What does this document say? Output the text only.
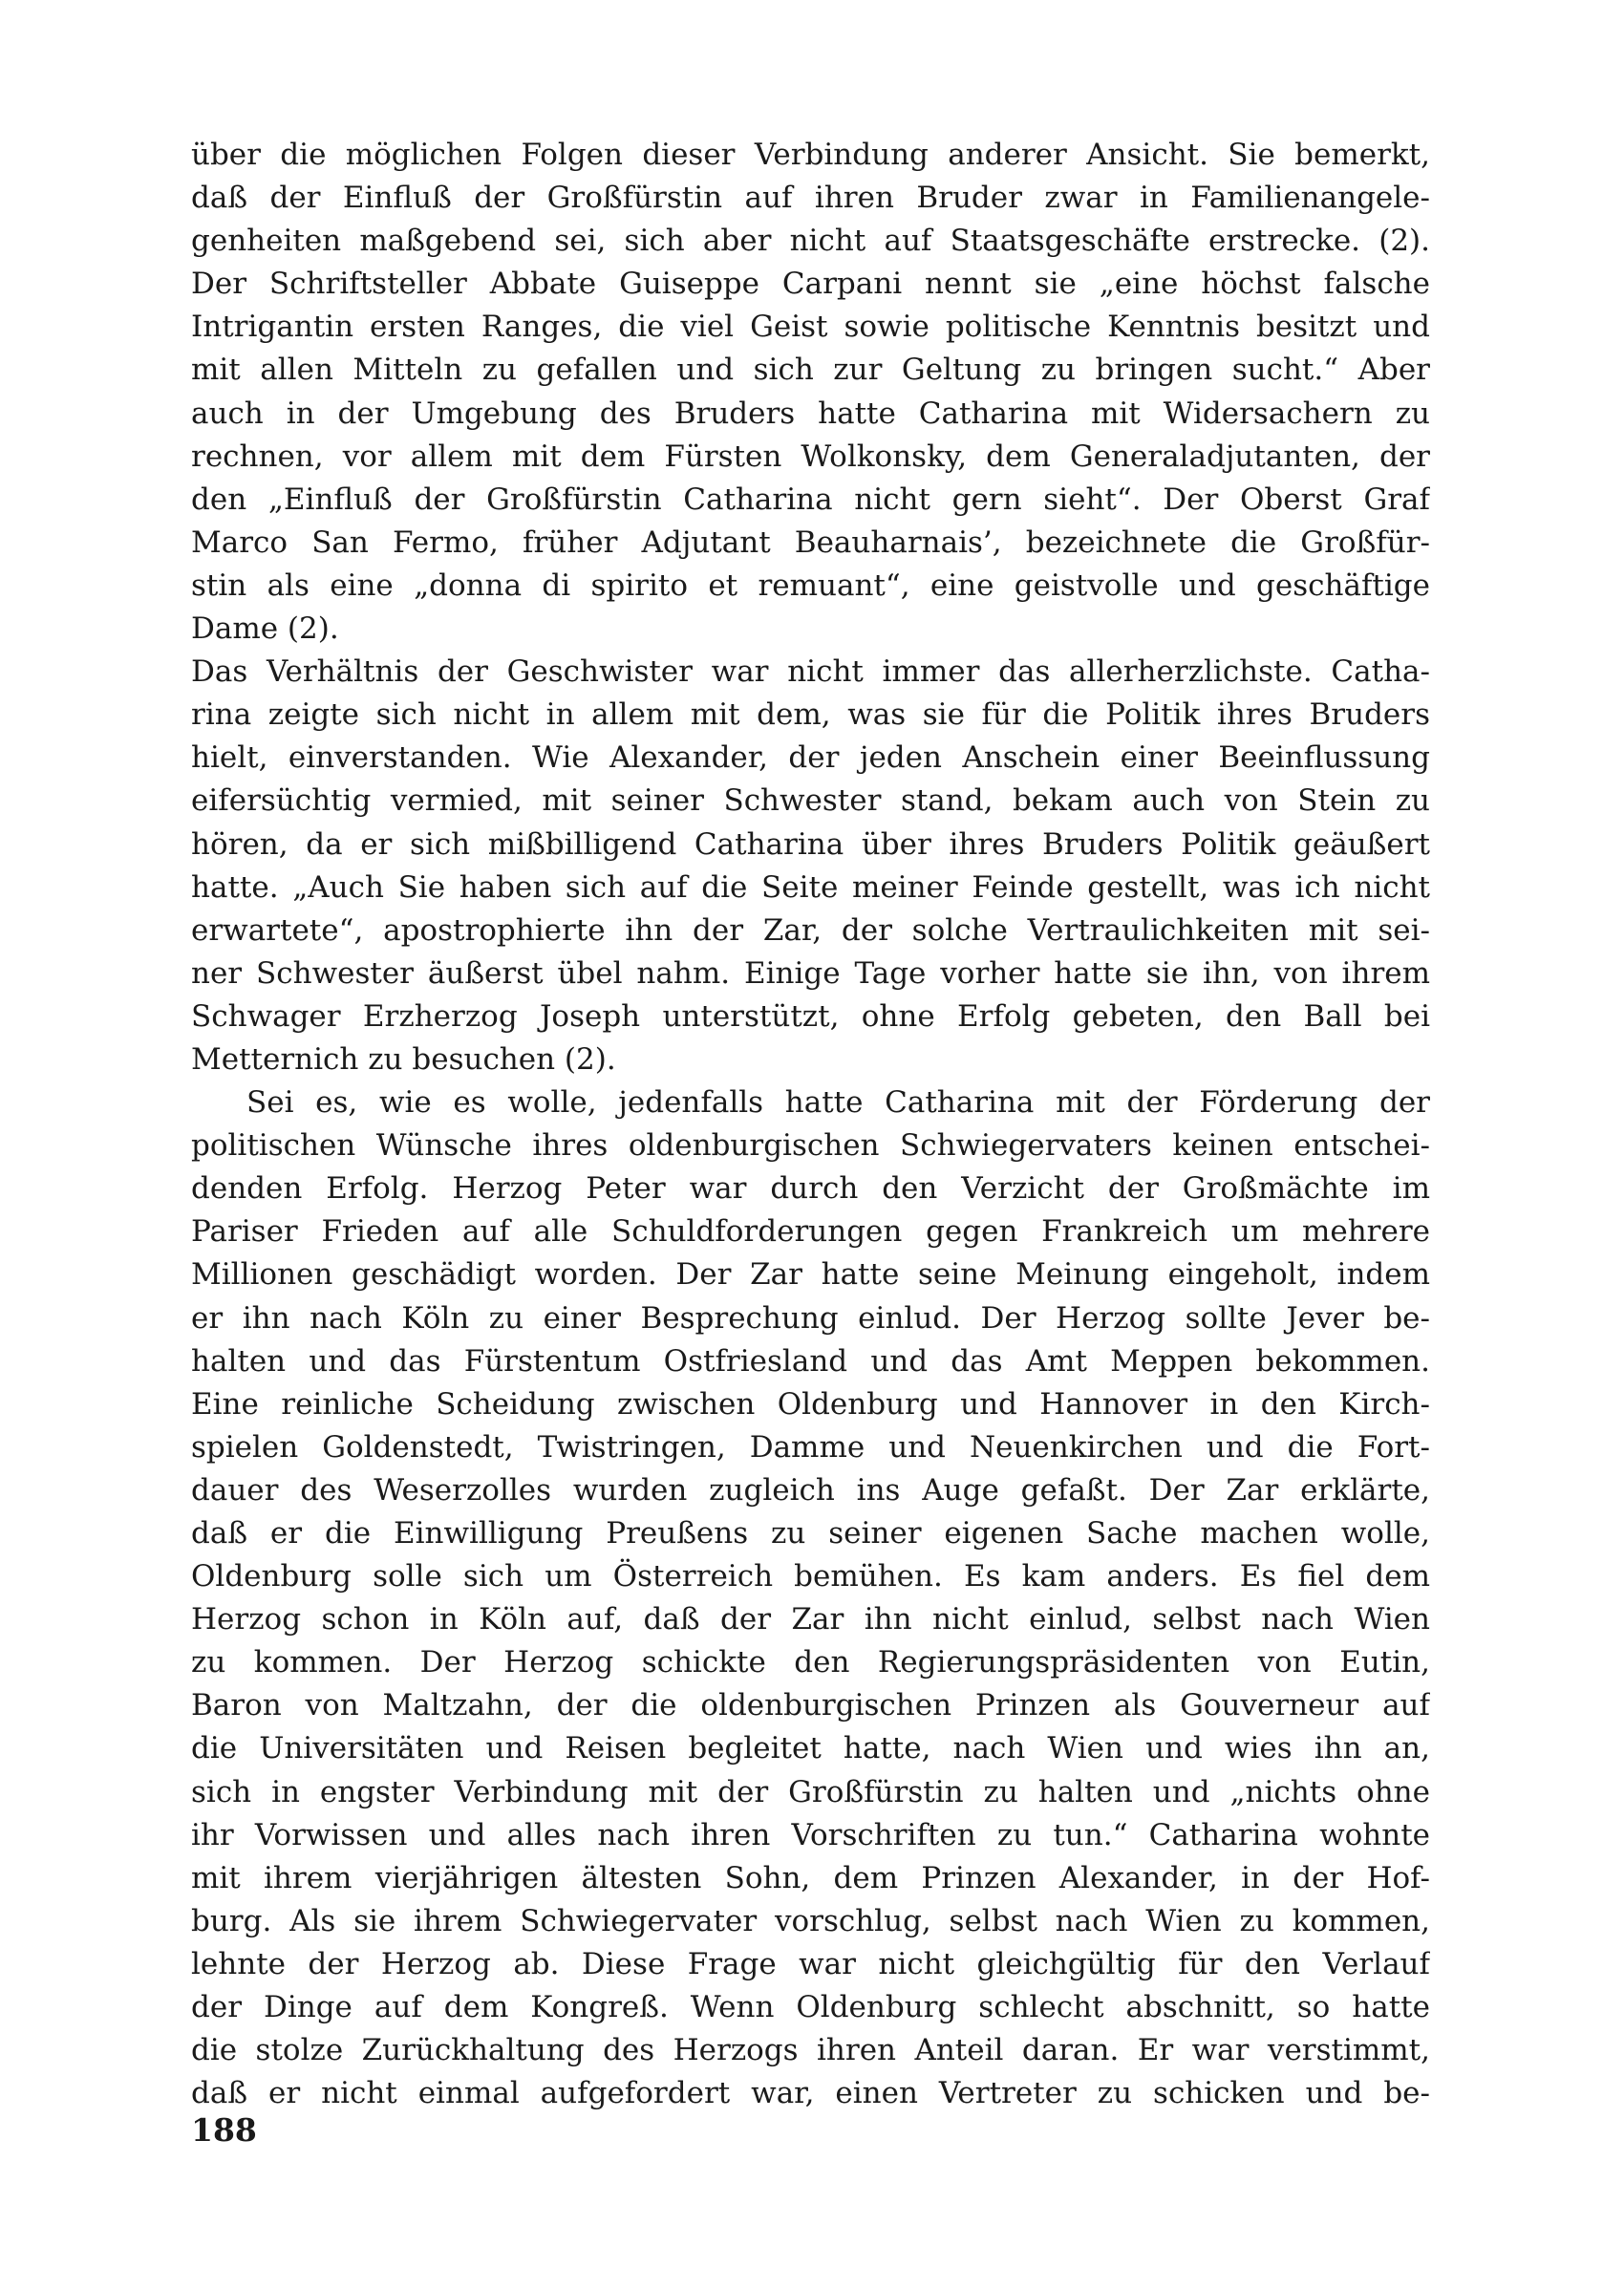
über die möglichen Folgen dieser Verbindung anderer Ansicht. Sie bemerkt,
daß der Einfluß der Großfürstin auf ihren Bruder zwar in Familienangele-
genheiten maßgebend sei, sich aber nicht auf Staatsgeschäfte erstrecke. (2).
Der Schriftsteller Abbate Guiseppe Carpani nennt sie „eine höchst falsche
Intrigantin ersten Ranges, die viel Geist sowie politische Kenntnis besitzt und
mit allen Mitteln zu gefallen und sich zur Geltung zu bringen sucht.“ Aber
auch in der Umgebung des Bruders hatte Catharina mit Widersachern zu
rechnen, vor allem mit dem Fürsten Wolkonsky, dem Generaladjutanten, der
den „Einfluß der Großfürstin Catharina nicht gern sieht“. Der Oberst Graf
Marco San Fermo, früher Adjutant Beauharnais’, bezeichnete die Großfür-
stin als eine „donna di spirito et remuant“, eine geistvolle und geschäftige
Dame (2).
Das Verhältnis der Geschwister war nicht immer das allerherzlichste. Catha-
rina zeigte sich nicht in allem mit dem, was sie für die Politik ihres Bruders
hielt, einverstanden. Wie Alexander, der jeden Anschein einer Beeinflussung
eifersüchtig vermied, mit seiner Schwester stand, bekam auch von Stein zu
hören, da er sich mißbilligend Catharina über ihres Bruders Politik geäußert
hatte. „Auch Sie haben sich auf die Seite meiner Feinde gestellt, was ich nicht
erwartete“, apostrophierte ihn der Zar, der solche Vertraulichkeiten mit sei-
ner Schwester äußerst übel nahm. Einige Tage vorher hatte sie ihn, von ihrem
Schwager Erzherzog Joseph unterstützt, ohne Erfolg gebeten, den Ball bei
Metternich zu besuchen (2).
Sei es, wie es wolle, jedenfalls hatte Catharina mit der Förderung der
politischen Wünsche ihres oldenburgischen Schwiegervaters keinen entschei-
denden Erfolg. Herzog Peter war durch den Verzicht der Großmächte im
Pariser Frieden auf alle Schuldforderungen gegen Frankreich um mehrere
Millionen geschädigt worden. Der Zar hatte seine Meinung eingeholt, indem
er ihn nach Köln zu einer Besprechung einlud. Der Herzog sollte Jever be-
halten und das Fürstentum Ostfriesland und das Amt Meppen bekommen.
Eine reinliche Scheidung zwischen Oldenburg und Hannover in den Kirch-
spielen Goldenstedt, Twistringen, Damme und Neuenkirchen und die Fort-
dauer des Weserzolles wurden zugleich ins Auge gefaßt. Der Zar erklärte,
daß er die Einwilligung Preußens zu seiner eigenen Sache machen wolle,
Oldenburg solle sich um Österreich bemühen. Es kam anders. Es fiel dem
Herzog schon in Köln auf, daß der Zar ihn nicht einlud, selbst nach Wien
zu kommen. Der Herzog schickte den Regierungspräsidenten von Eutin,
Baron von Maltzahn, der die oldenburgischen Prinzen als Gouverneur auf
die Universitäten und Reisen begleitet hatte, nach Wien und wies ihn an,
sich in engster Verbindung mit der Großfürstin zu halten und „nichts ohne
ihr Vorwissen und alles nach ihren Vorschriften zu tun.“ Catharina wohnte
mit ihrem vierjährigen ältesten Sohn, dem Prinzen Alexander, in der Hof-
burg. Als sie ihrem Schwiegervater vorschlug, selbst nach Wien zu kommen,
lehnte der Herzog ab. Diese Frage war nicht gleichgültig für den Verlauf
der Dinge auf dem Kongreß. Wenn Oldenburg schlecht abschnitt, so hatte
die stolze Zurückhaltung des Herzogs ihren Anteil daran. Er war verstimmt,
daß er nicht einmal aufgefordert war, einen Vertreter zu schicken und be-
188
